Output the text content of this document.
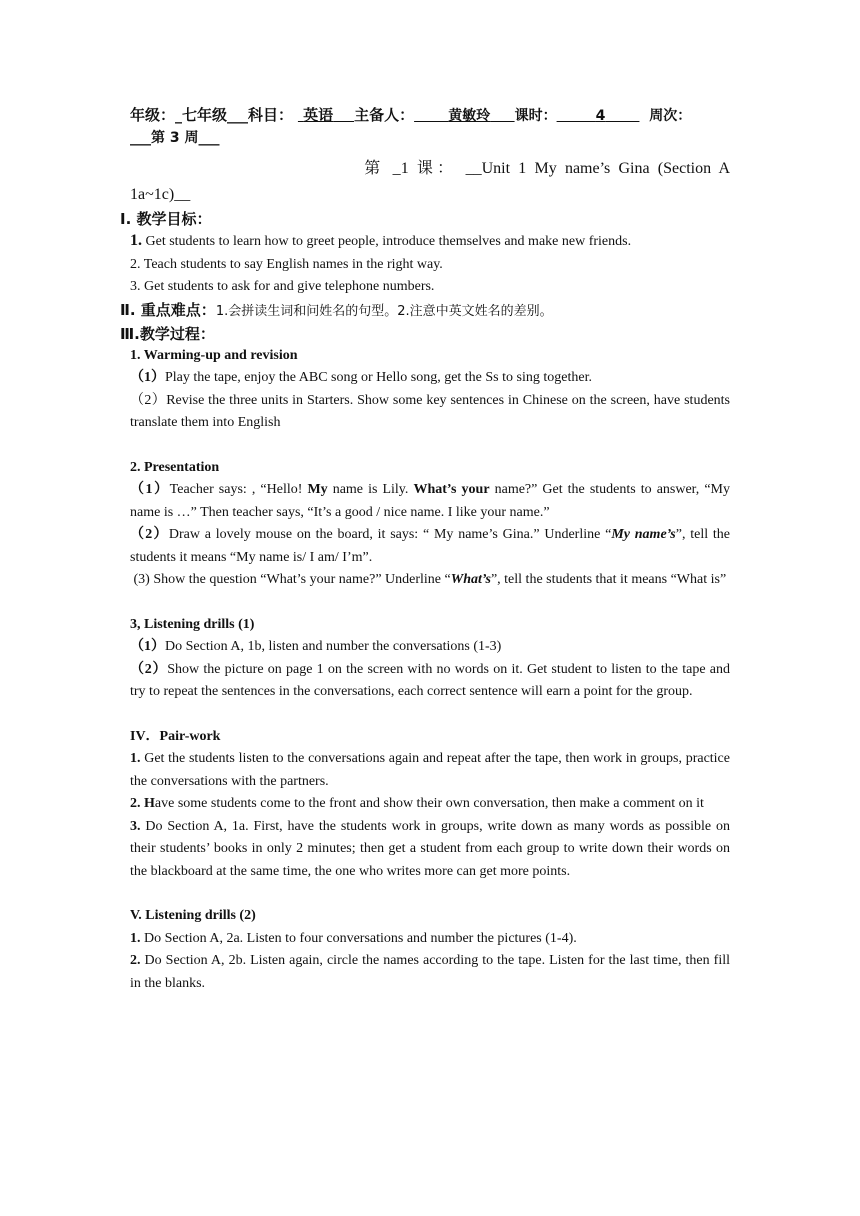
年级：_七年级___科目： 英语 主备人： 黄敏玲 课时：	4	周次：
___第 3 周___
第 _1 课： __Unit 1 My name’s Gina (Section A 1a~1c)__
Ⅰ. 教学目标：

1. Get students to learn how to greet people, introduce themselves and make new friends.

2. Teach students to say English names in the right way.

3. Get students to ask for and give telephone numbers.

Ⅱ. 重点难点：1.会拼读生词和问姓名的句型。2.注意中英文姓名的差别。
Ⅲ.教学过程：

1. Warming-up and revision

（1）Play the tape, enjoy the ABC song or Hello song, get the Ss to sing together.

（2）Revise the three units in Starters. Show some key sentences in Chinese on the screen, have students translate them into English

2. Presentation

（1）Teacher says: , “Hello! My name is Lily. What’s your name?” Get the students to answer, “My name is …” Then teacher says, “It’s a good / nice name. I like your name.”

（2）Draw a lovely mouse on the board, it says: “ My name’s Gina.” Underline “My name’s”, tell the students it means “My name is/ I am/ I’m”.

(3) Show the question “What’s your name?” Underline “What’s”, tell the students that it means “What is”

3, Listening drills (1)

（1）Do Section A, 1b, listen and number the conversations (1-3)

（2）Show the picture on page 1 on the screen with no words on it. Get student to listen to the tape and try to repeat the sentences in the conversations, each correct sentence will earn a point for the group.

IV．Pair-work

1. Get the students listen to the conversations again and repeat after the tape, then work in groups, practice the conversations with the partners.

2. Have some students come to the front and show their own conversation, then make a comment on it

3. Do Section A, 1a. First, have the students work in groups, write down as many words as possible on their students’ books in only 2 minutes; then get a student from each group to write down their words on the blackboard at the same time, the one who writes more can get more points.

V. Listening drills (2)

1. Do Section A, 2a. Listen to four conversations and number the pictures (1-4).

2. Do Section A, 2b. Listen again, circle the names according to the tape. Listen for the last time, then fill in the blanks.
